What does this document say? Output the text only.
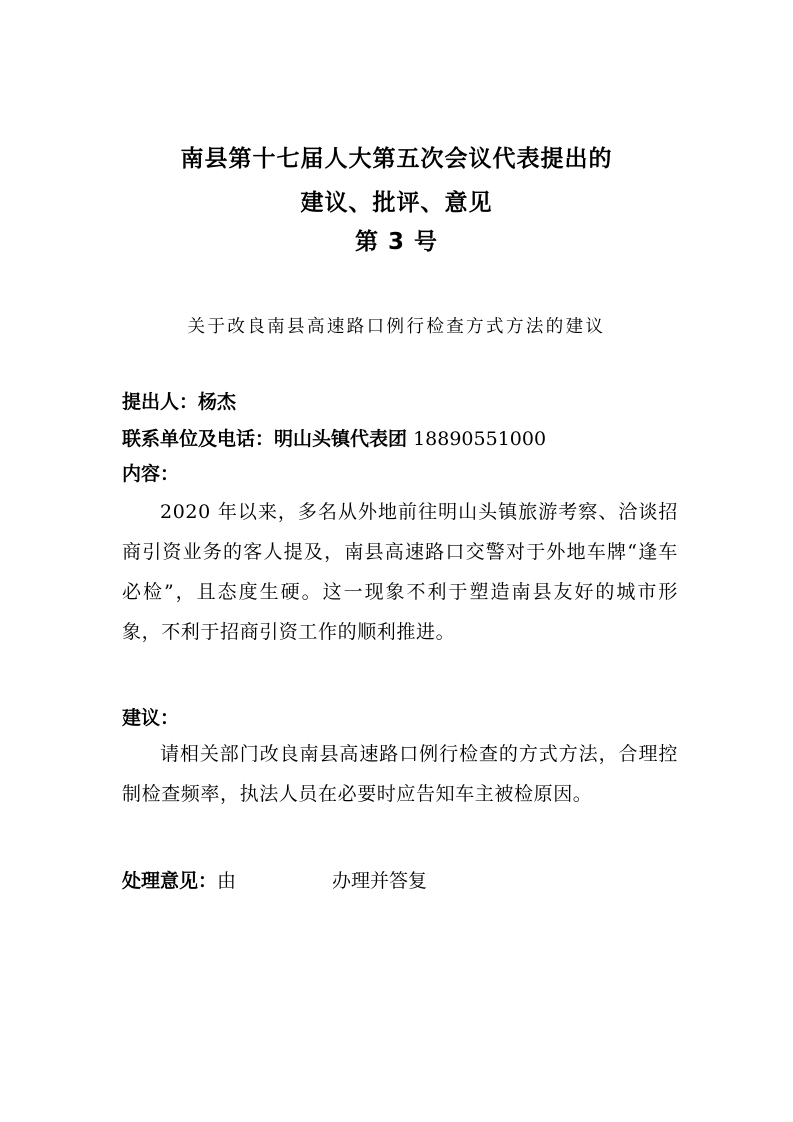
南县第十七届人大第五次会议代表提出的
建议、批评、意见
第 3 号
关于改良南县高速路口例行检查方式方法的建议
提出人：杨杰
联系单位及电话：明山头镇代表团 18890551000
内容：
2020 年以来，多名从外地前往明山头镇旅游考察、洽谈招商引资业务的客人提及，南县高速路口交警对于外地车牌“逢车必检”，且态度生硬。这一现象不利于塑造南县友好的城市形象，不利于招商引资工作的顺利推进。
建议：
请相关部门改良南县高速路口例行检查的方式方法，合理控制检查频率，执法人员在必要时应告知车主被检原因。
处理意见：由	办理并答复
